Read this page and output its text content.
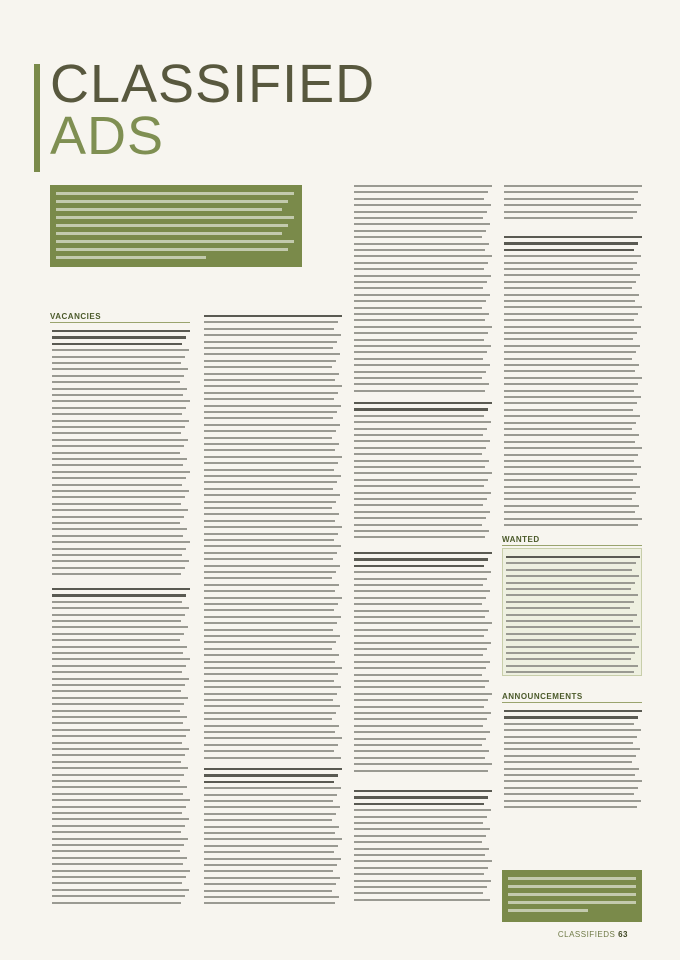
CLASSIFIED
ADS
VACANCIES
WANTED
ANNOUNCEMENTS
CLASSIFIEDS 63
